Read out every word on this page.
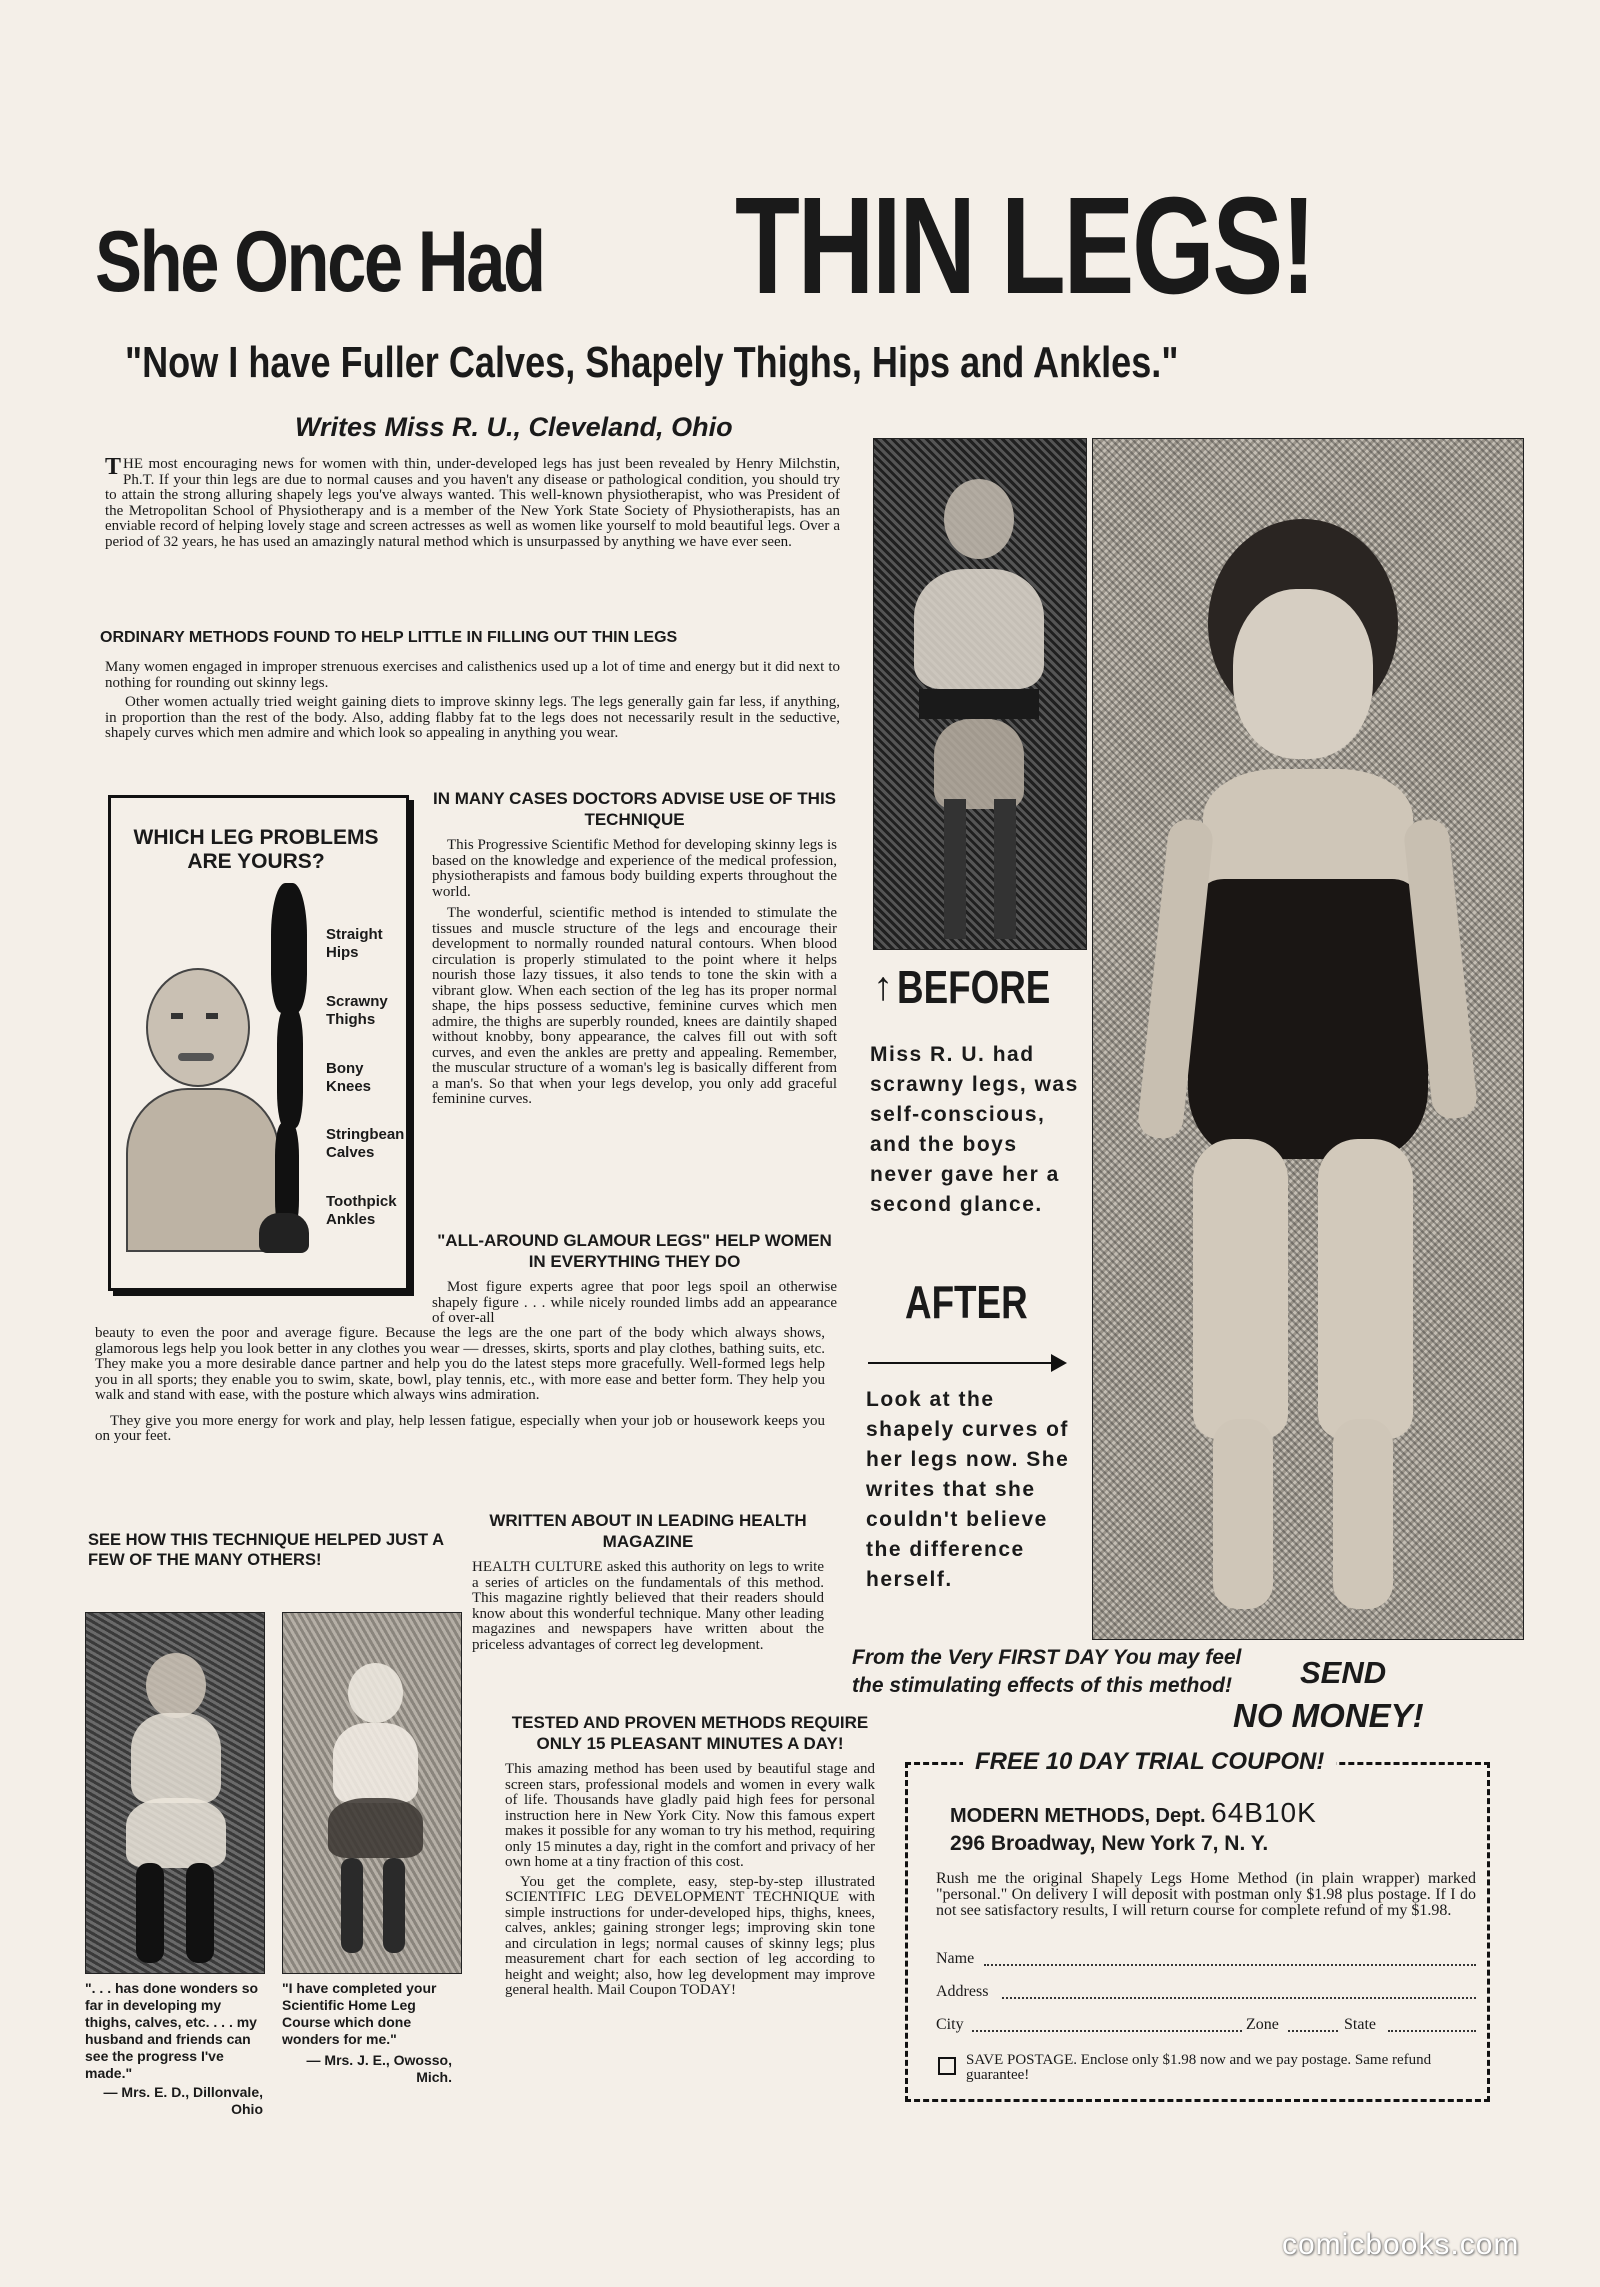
She Once Had THIN LEGS!
"Now I have Fuller Calves, Shapely Thighs, Hips and Ankles."
Writes Miss R. U., Cleveland, Ohio

THE most encouraging news for women with thin, under-developed legs has just been revealed by Henry Milchstin, Ph.T. If your thin legs are due to normal causes and you haven't any disease or pathological condition, you should try to attain the strong alluring shapely legs you've always wanted. This well-known physiotherapist, who was President of the Metropolitan School of Physiotherapy and is a member of the New York State Society of Physiotherapists, has an enviable record of helping lovely stage and screen actresses as well as women like yourself to mold beautiful legs. Over a period of 32 years, he has used an amazingly natural method which is unsurpassed by anything we have ever seen.

ORDINARY METHODS FOUND TO HELP LITTLE IN FILLING OUT THIN LEGS

Many women engaged in improper strenuous exercises and calisthenics used up a lot of time and energy but it did next to nothing for rounding out skinny legs.

Other women actually tried weight gaining diets to improve skinny legs. The legs generally gain far less, if anything, in proportion than the rest of the body. Also, adding flabby fat to the legs does not necessarily result in the seductive, shapely curves which men admire and which look so appealing in anything you wear.

WHICH LEG PROBLEMS ARE YOURS?
Straight Hips
Scrawny Thighs
Bony Knees
Stringbean Calves
Toothpick Ankles

IN MANY CASES DOCTORS ADVISE USE OF THIS TECHNIQUE

This Progressive Scientific Method for developing skinny legs is based on the knowledge and experience of the medical profession, physiotherapists and famous body building experts throughout the world.

The wonderful, scientific method is intended to stimulate the tissues and muscle structure of the legs and encourage their development to normally rounded natural contours. When blood circulation is properly stimulated to the point where it helps nourish those lazy tissues, it also tends to tone the skin with a vibrant glow. When each section of the leg has its proper normal shape, the hips possess seductive, feminine curves which men admire, the thighs are superbly rounded, knees are daintily shaped without knobby, bony appearance, the calves fill out with soft curves, and even the ankles are pretty and appealing. Remember, the muscular structure of a woman's leg is basically different from a man's. So that when your legs develop, you only add graceful feminine curves.

"ALL-AROUND GLAMOUR LEGS" HELP WOMEN IN EVERYTHING THEY DO

Most figure experts agree that poor legs spoil an otherwise shapely figure . . . while nicely rounded limbs add an appearance of over-all

beauty to even the poor and average figure. Because the legs are the one part of the body which always shows, glamorous legs help you look better in any clothes you wear — dresses, skirts, sports and play clothes, bathing suits, etc. They make you a more desirable dance partner and help you do the latest steps more gracefully. Well-formed legs help you in all sports; they enable you to swim, skate, bowl, play tennis, etc., with more ease and better form. They help you walk and stand with ease, with the posture which always wins admiration.

They give you more energy for work and play, help lessen fatigue, especially when your job or housework keeps you on your feet.

SEE HOW THIS TECHNIQUE HELPED JUST A FEW OF THE MANY OTHERS!

". . . has done wonders so far in developing my thighs, calves, etc. . . . my husband and friends can see the progress I've made."

— Mrs. E. D., Dillonvale, Ohio

"I have completed your Scientific Home Leg Course which done wonders for me."

— Mrs. J. E., Owosso, Mich.

WRITTEN ABOUT IN LEADING HEALTH MAGAZINE

HEALTH CULTURE asked this authority on legs to write a series of articles on the fundamentals of this method. This magazine rightly believed that their readers should know about this wonderful technique. Many other leading magazines and newspapers have written about the priceless advantages of correct leg development.

TESTED AND PROVEN METHODS REQUIRE ONLY 15 PLEASANT MINUTES A DAY!

This amazing method has been used by beautiful stage and screen stars, professional models and women in every walk of life. Thousands have gladly paid high fees for personal instruction here in New York City. Now this famous expert makes it possible for any woman to try his method, requiring only 15 minutes a day, right in the comfort and privacy of her own home at a tiny fraction of this cost.

You get the complete, easy, step-by-step illustrated SCIENTIFIC LEG DEVELOPMENT TECHNIQUE with simple instructions for under-developed hips, thighs, knees, calves, ankles; gaining stronger legs; improving skin tone and circulation in legs; normal causes of skinny legs; plus measurement chart for each section of leg according to height and weight; also, how leg development may improve general health. Mail Coupon TODAY!

↑ BEFORE

Miss R. U. had scrawny legs, was self-conscious, and the boys never gave her a second glance.

AFTER

Look at the shapely curves of her legs now. She writes that she couldn't believe the difference herself.

From the Very FIRST DAY You may feel the stimulating effects of this method!	SEND
NO MONEY!
FREE 10 DAY TRIAL COUPON!
MODERN METHODS, Dept. 64B10K
296 Broadway, New York 7, N. Y.
Rush me the original Shapely Legs Home Method (in plain wrapper) marked "personal." On delivery I will deposit with postman only $1.98 plus postage. If I do not see satisfactory results, I will return course for complete refund of my $1.98.
Name
Address
City	Zone	State
SAVE POSTAGE. Enclose only $1.98 now and we pay postage. Same refund guarantee!
comicbooks.com
